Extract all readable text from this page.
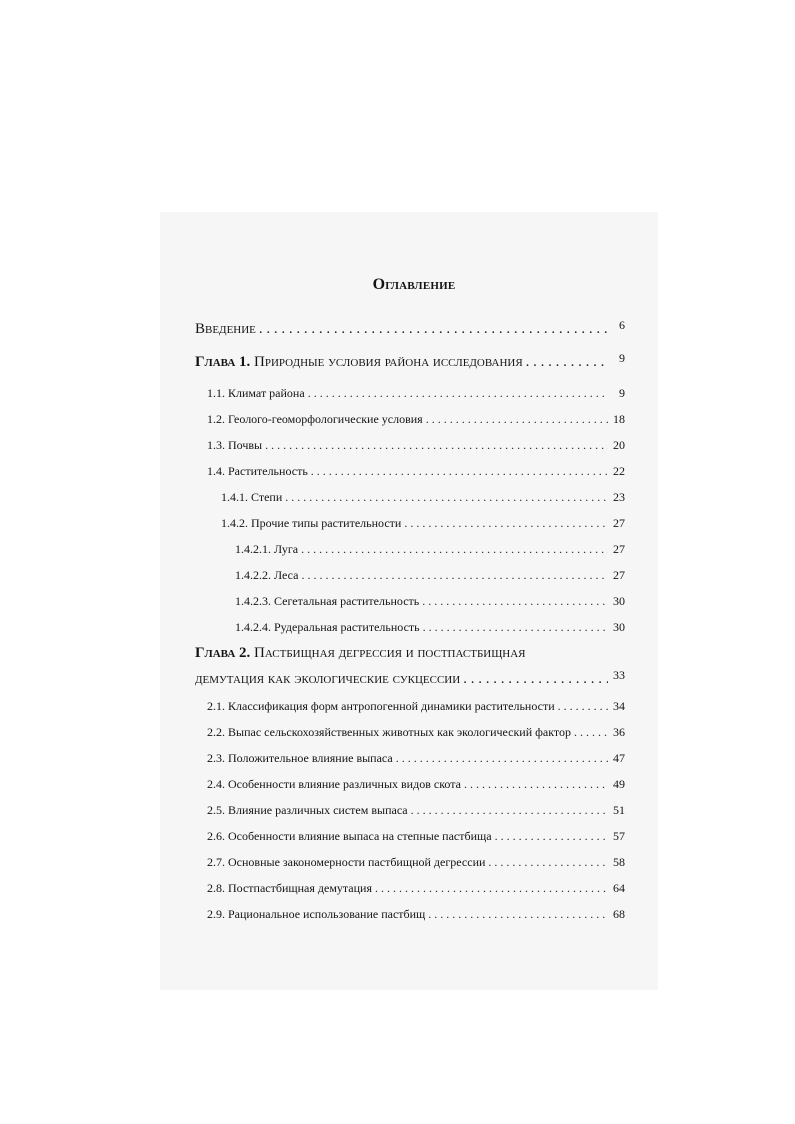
Оглавление
Введение . . .	6
Глава 1. Природные условия района исследования . . .	9
1.1. Климат района . . .	9
1.2. Геолого-геоморфологические условия . . .	18
1.3. Почвы . . .	20
1.4. Растительность . . .	22
1.4.1. Степи . . .	23
1.4.2. Прочие типы растительности . . .	27
1.4.2.1. Луга . . .	27
1.4.2.2. Леса . . .	27
1.4.2.3. Сегетальная растительность . . .	30
1.4.2.4. Рудеральная растительность . . .	30
Глава 2. Пастбищная дегрессия и постпастбищная
демутация как экологические сукцессии . . .	33
2.1. Классификация форм антропогенной динамики растительности . . .	34
2.2. Выпас сельскохозяйственных животных как экологический фактор . . .	36
2.3. Положительное влияние выпаса . . .	47
2.4. Особенности влияние различных видов скота . . .	49
2.5. Влияние различных систем выпаса . . .	51
2.6. Особенности влияние выпаса на степные пастбища . . .	57
2.7. Основные закономерности пастбищной дегрессии . . .	58
2.8. Постпастбищная демутация . . .	64
2.9. Рациональное использование пастбищ . . .	68
